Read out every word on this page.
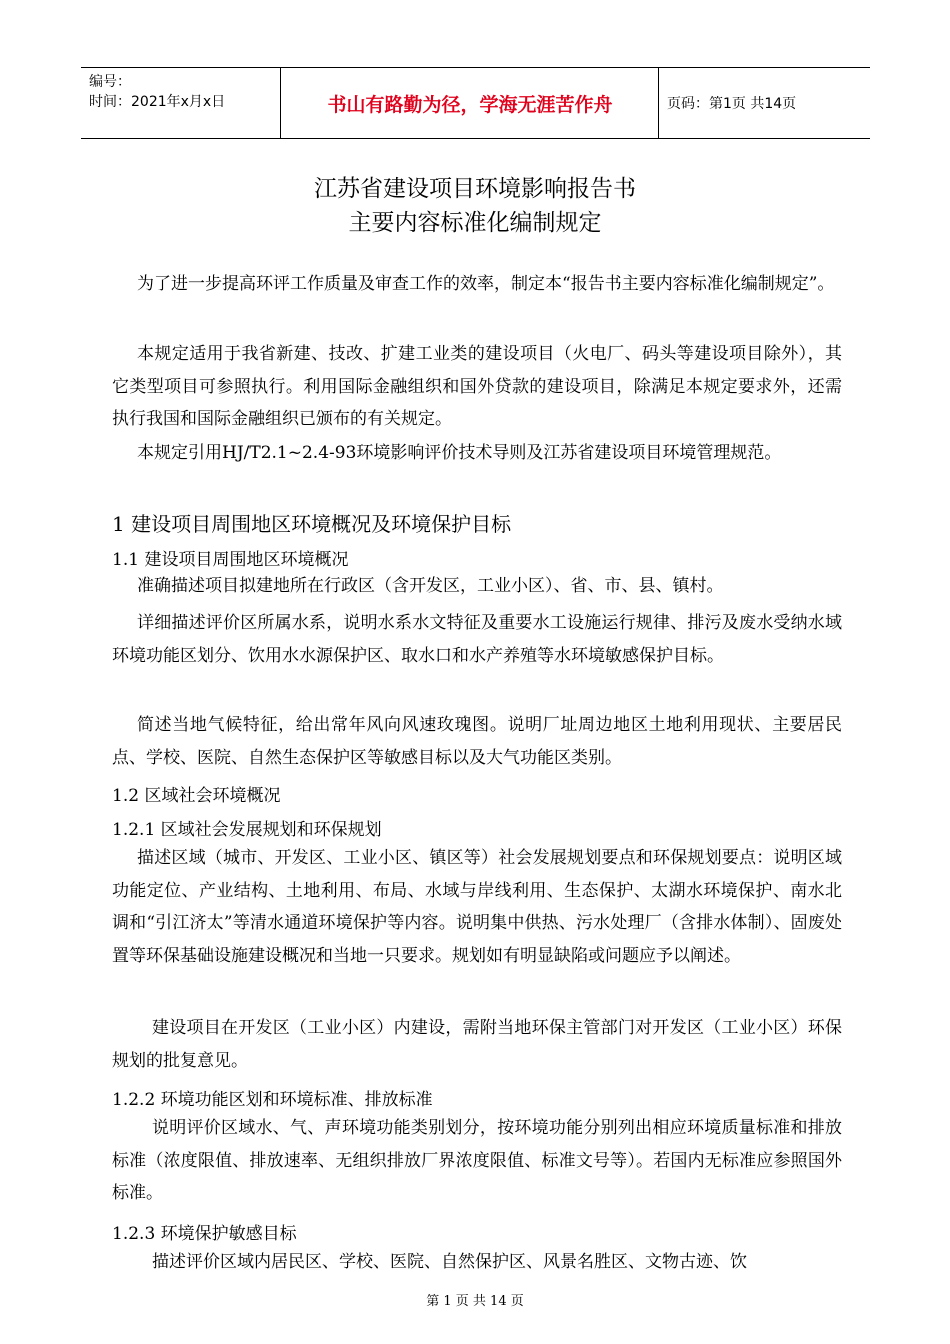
编号：
时间：2021年x月x日	书山有路勤为径，学海无涯苦作舟	页码：第1页 共14页
江苏省建设项目环境影响报告书
主要内容标准化编制规定
为了进一步提高环评工作质量及审查工作的效率，制定本“报告书主要内容标准化编制规定”。
本规定适用于我省新建、技改、扩建工业类的建设项目（火电厂、码头等建设项目除外），其它类型项目可参照执行。利用国际金融组织和国外贷款的建设项目，除满足本规定要求外，还需执行我国和国际金融组织已颁布的有关规定。
本规定引用HJ/T2.1~2.4-93环境影响评价技术导则及江苏省建设项目环境管理规范。
1 建设项目周围地区环境概况及环境保护目标
1.1 建设项目周围地区环境概况
准确描述项目拟建地所在行政区（含开发区，工业小区）、省、市、县、镇村。
详细描述评价区所属水系，说明水系水文特征及重要水工设施运行规律、排污及废水受纳水域环境功能区划分、饮用水水源保护区、取水口和水产养殖等水环境敏感保护目标。
简述当地气候特征，给出常年风向风速玫瑰图。说明厂址周边地区土地利用现状、主要居民点、学校、医院、自然生态保护区等敏感目标以及大气功能区类别。
1.2 区域社会环境概况
1.2.1 区域社会发展规划和环保规划
描述区域（城市、开发区、工业小区、镇区等）社会发展规划要点和环保规划要点：说明区域功能定位、产业结构、土地利用、布局、水域与岸线利用、生态保护、太湖水环境保护、南水北调和“引江济太”等清水通道环境保护等内容。说明集中供热、污水处理厂（含排水体制）、固废处置等环保基础设施建设概况和当地一只要求。规划如有明显缺陷或问题应予以阐述。
建设项目在开发区（工业小区）内建设，需附当地环保主管部门对开发区（工业小区）环保规划的批复意见。
1.2.2 环境功能区划和环境标准、排放标准
说明评价区域水、气、声环境功能类别划分，按环境功能分别列出相应环境质量标准和排放标准（浓度限值、排放速率、无组织排放厂界浓度限值、标准文号等）。若国内无标准应参照国外标准。
1.2.3 环境保护敏感目标
描述评价区域内居民区、学校、医院、自然保护区、风景名胜区、文物古迹、饮
第 1 页 共 14 页
